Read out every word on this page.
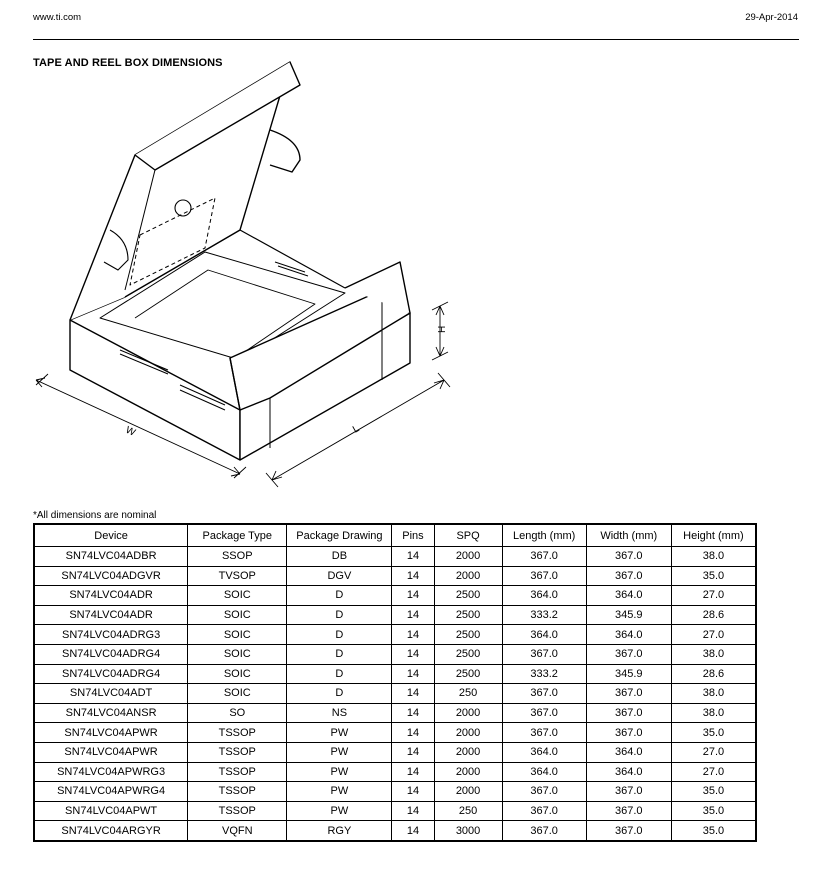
www.ti.com	29-Apr-2014
TAPE AND REEL BOX DIMENSIONS
W	L
H
*All dimensions are nominal
Device	Package Type	Package Drawing	Pins	SPQ	Length (mm)	Width (mm)	Height (mm)
SN74LVC04ADBR	SSOP	DB	14	2000	367.0	367.0	38.0
SN74LVC04ADGVR	TVSOP	DGV	14	2000	367.0	367.0	35.0
SN74LVC04ADR	SOIC	D	14	2500	364.0	364.0	27.0
SN74LVC04ADR	SOIC	D	14	2500	333.2	345.9	28.6
SN74LVC04ADRG3	SOIC	D	14	2500	364.0	364.0	27.0
SN74LVC04ADRG4	SOIC	D	14	2500	367.0	367.0	38.0
SN74LVC04ADRG4	SOIC	D	14	2500	333.2	345.9	28.6
SN74LVC04ADT	SOIC	D	14	250	367.0	367.0	38.0
SN74LVC04ANSR	SO	NS	14	2000	367.0	367.0	38.0
SN74LVC04APWR	TSSOP	PW	14	2000	367.0	367.0	35.0
SN74LVC04APWR	TSSOP	PW	14	2000	364.0	364.0	27.0
SN74LVC04APWRG3	TSSOP	PW	14	2000	364.0	364.0	27.0
SN74LVC04APWRG4	TSSOP	PW	14	2000	367.0	367.0	35.0
SN74LVC04APWT	TSSOP	PW	14	250	367.0	367.0	35.0
SN74LVC04ARGYR	VQFN	RGY	14	3000	367.0	367.0	35.0
